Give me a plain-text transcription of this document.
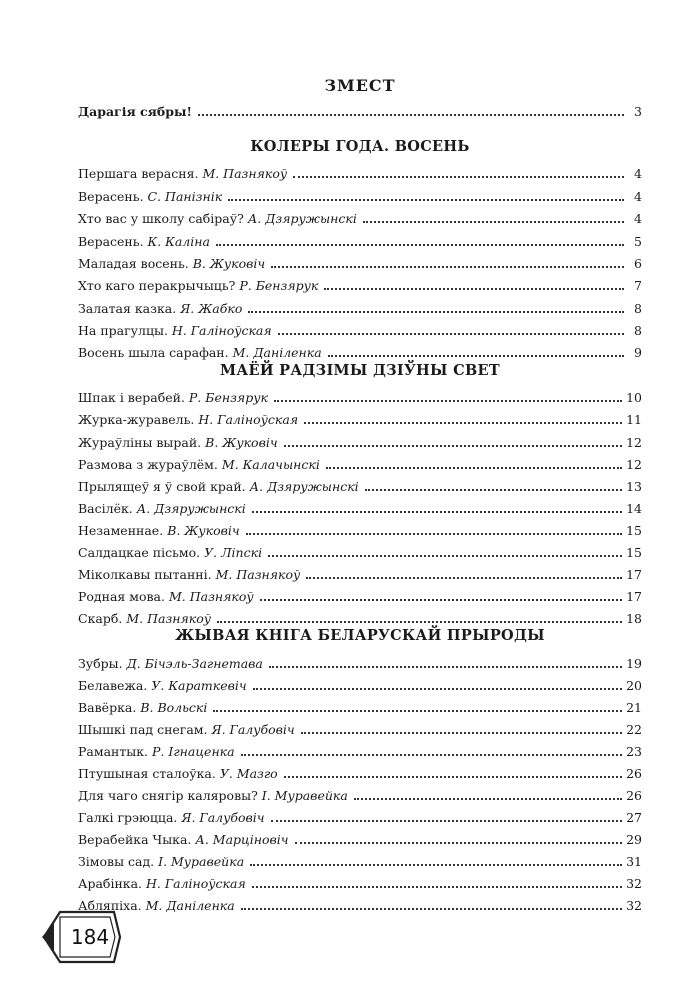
ЗМЕСТ
Дарагія сябры!	3
КОЛЕРЫ ГОДА. ВОСЕНЬ
Першага верасня. М. Пазнякоў	4
Верасень. С. Панізнік	4
Хто вас у школу сабіраў? А. Дзяружынскі	4
Верасень. К. Каліна	5
Маладая восень. В. Жуковіч	6
Хто каго перакрычыць? Р. Бензярук	7
Залатая казка. Я. Жабко	8
На прагулцы. Н. Галіноўская	8
Восень шыла сарафан. М. Даніленка	9
МАЁЙ РАДЗІМЫ ДЗІЎНЫ СВЕТ
Шпак і верабей. Р. Бензярук	10
Журка-журавель. Н. Галіноўская	11
Жураўліны вырай. В. Жуковіч	12
Размова з жураўлём. М. Калачынскі	12
Прылящеў я ў свой край. А. Дзяружынскі	13
Васілёк. А. Дзяружынскі	14
Незаменнае. В. Жуковіч	15
Салдацкае пісьмо. У. Ліпскі	15
Міколкавы пытанні. М. Пазнякоў	17
Родная мова. М. Пазнякоў	17
Скарб. М. Пазнякоў	18
ЖЫВАЯ КНІГА БЕЛАРУСКАЙ ПРЫРОДЫ
Зубры. Д. Бічэль-Загнетава	19
Белавежа. У. Караткевіч	20
Вавёрка. В. Вольскі	21
Шышкі пад снегам. Я. Галубовіч	22
Рамантык. Р. Ігнаценка	23
Птушыная сталоўка. У. Мазго	26
Для чаго снягір каляровы? І. Муравейка	26
Галкі грэюцца. Я. Галубовіч	27
Верабейка Чыка. А. Марціновіч	29
Зімовы сад. І. Муравейка	31
Арабінка. Н. Галіноўская	32
Абляпіха. М. Даніленка	32
184
